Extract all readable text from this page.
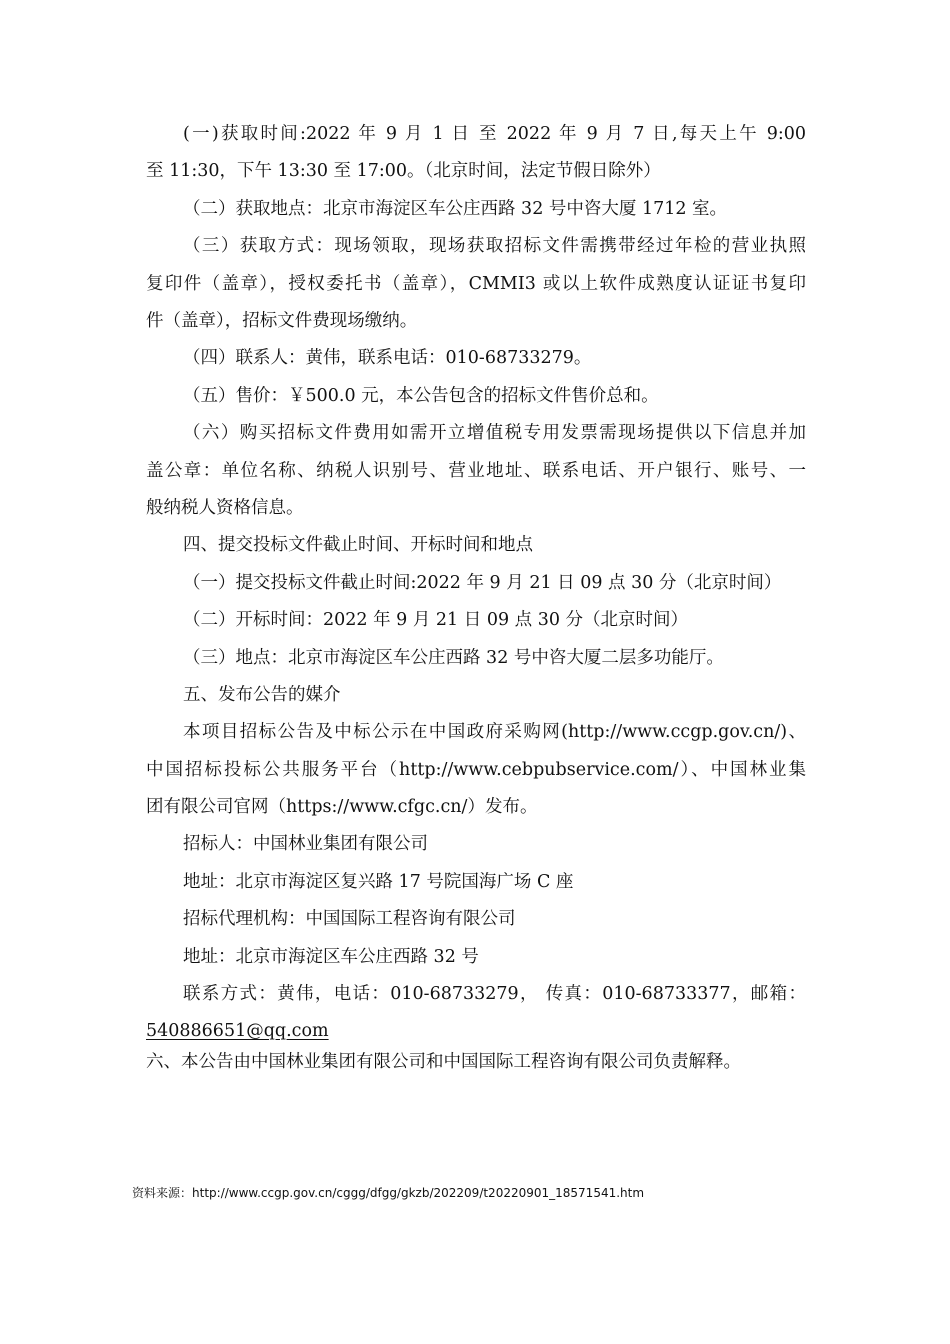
(一)获取时间:2022 年 9 月 1 日 至 2022 年 9 月 7 日,每天上午 9:00
至 11:30，下午 13:30 至 17:00。（北京时间，法定节假日除外）
（二）获取地点：北京市海淀区车公庄西路 32 号中咨大厦 1712 室。
（三）获取方式：现场领取，现场获取招标文件需携带经过年检的营业执照
复印件（盖章），授权委托书（盖章），CMMI3 或以上软件成熟度认证证书复印
件（盖章），招标文件费现场缴纳。
（四）联系人：黄伟，联系电话：010-68733279。
（五）售价：￥500.0 元，本公告包含的招标文件售价总和。
（六）购买招标文件费用如需开立增值税专用发票需现场提供以下信息并加
盖公章：单位名称、纳税人识别号、营业地址、联系电话、开户银行、账号、一
般纳税人资格信息。
四、提交投标文件截止时间、开标时间和地点
（一）提交投标文件截止时间:2022 年 9 月 21 日 09 点 30 分（北京时间）
（二）开标时间：2022 年 9 月 21 日 09 点 30 分（北京时间）
（三）地点：北京市海淀区车公庄西路 32 号中咨大厦二层多功能厅。
五、发布公告的媒介
本项目招标公告及中标公示在中国政府采购网(http://www.ccgp.gov.cn/)、
中国招标投标公共服务平台（http://www.cebpubservice.com/）、中国林业集
团有限公司官网（https://www.cfgc.cn/）发布。
招标人：中国林业集团有限公司
地址：北京市海淀区复兴路 17 号院国海广场 C 座
招标代理机构：中国国际工程咨询有限公司
地址：北京市海淀区车公庄西路 32 号
联系方式：黄伟，电话：010-68733279， 传真：010-68733377，邮箱：
540886651@qq.com
六、本公告由中国林业集团有限公司和中国国际工程咨询有限公司负责解释。
资料来源：http://www.ccgp.gov.cn/cggg/dfgg/gkzb/202209/t20220901_18571541.htm
